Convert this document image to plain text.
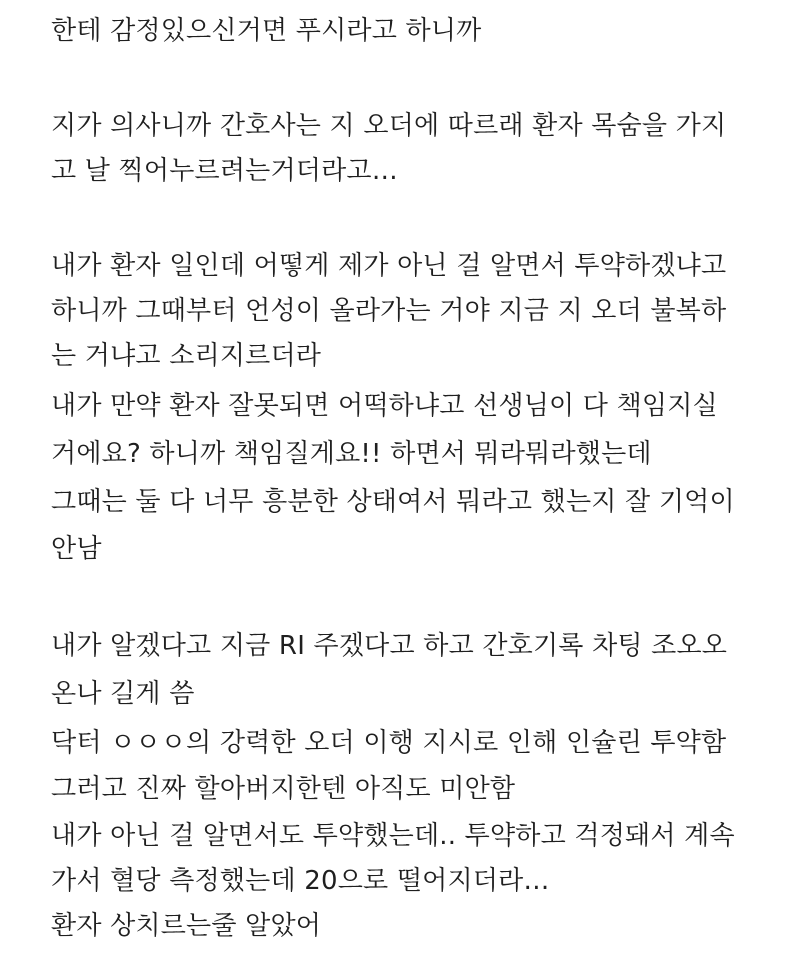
한테 감정있으신거면 푸시라고 하니까
지가 의사니까 간호사는 지 오더에 따르래 환자 목숨을 가지
고 날 찍어누르려는거더라고…
내가 환자 일인데 어떻게 제가 아닌 걸 알면서 투약하겠냐고
하니까 그때부터 언성이 올라가는 거야 지금 지 오더 불복하
는 거냐고 소리지르더라
내가 만약 환자 잘못되면 어떡하냐고 선생님이 다 책임지실
거에요? 하니까 책임질게요!! 하면서 뭐라뭐라했는데
그때는 둘 다 너무 흥분한 상태여서 뭐라고 했는지 잘 기억이
안남
내가 알겠다고 지금 RI 주겠다고 하고 간호기록 차팅 조오오
온나 길게 씀
닥터 ㅇㅇㅇ의 강력한 오더 이행 지시로 인해 인슐린 투약함
그러고 진짜 할아버지한텐 아직도 미안함
내가 아닌 걸 알면서도 투약했는데.. 투약하고 걱정돼서 계속
가서 혈당 측정했는데 20으로 떨어지더라…
환자 상치르는줄 알았어
